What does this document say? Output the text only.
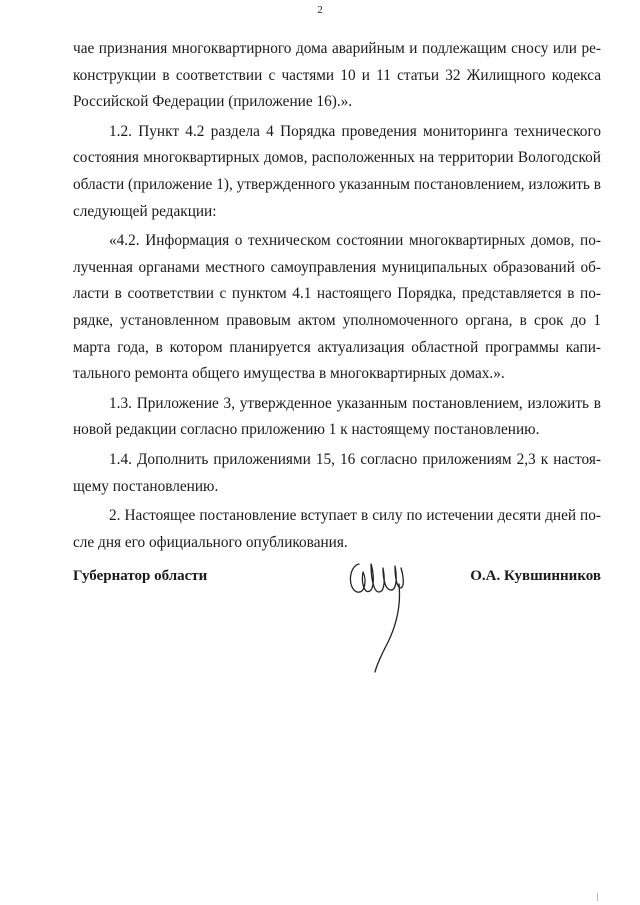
2

чае признания многоквартирного дома аварийным и подлежащим сносу или реконструкции в соответствии с частями 10 и 11 статьи 32 Жилищного кодекса Российской Федерации (приложение 16).».

1.2. Пункт 4.2 раздела 4 Порядка проведения мониторинга технического состояния многоквартирных домов, расположенных на территории Вологодской области (приложение 1), утвержденного указанным постановлением, изложить в следующей редакции:

«4.2. Информация о техническом состоянии многоквартирных домов, полученная органами местного самоуправления муниципальных образований области в соответствии с пунктом 4.1 настоящего Порядка, представляется в порядке, установленном правовым актом уполномоченного органа, в срок до 1 марта года, в котором планируется актуализация областной программы капитального ремонта общего имущества в многоквартирных домах.».

1.3. Приложение 3, утвержденное указанным постановлением, изложить в новой редакции согласно приложению 1 к настоящему постановлению.

1.4. Дополнить приложениями 15, 16 согласно приложениям 2,3 к настоящему постановлению.

2. Настоящее постановление вступает в силу по истечении десяти дней после дня его официального опубликования.

Губернатор области	О.А. Кувшинников
